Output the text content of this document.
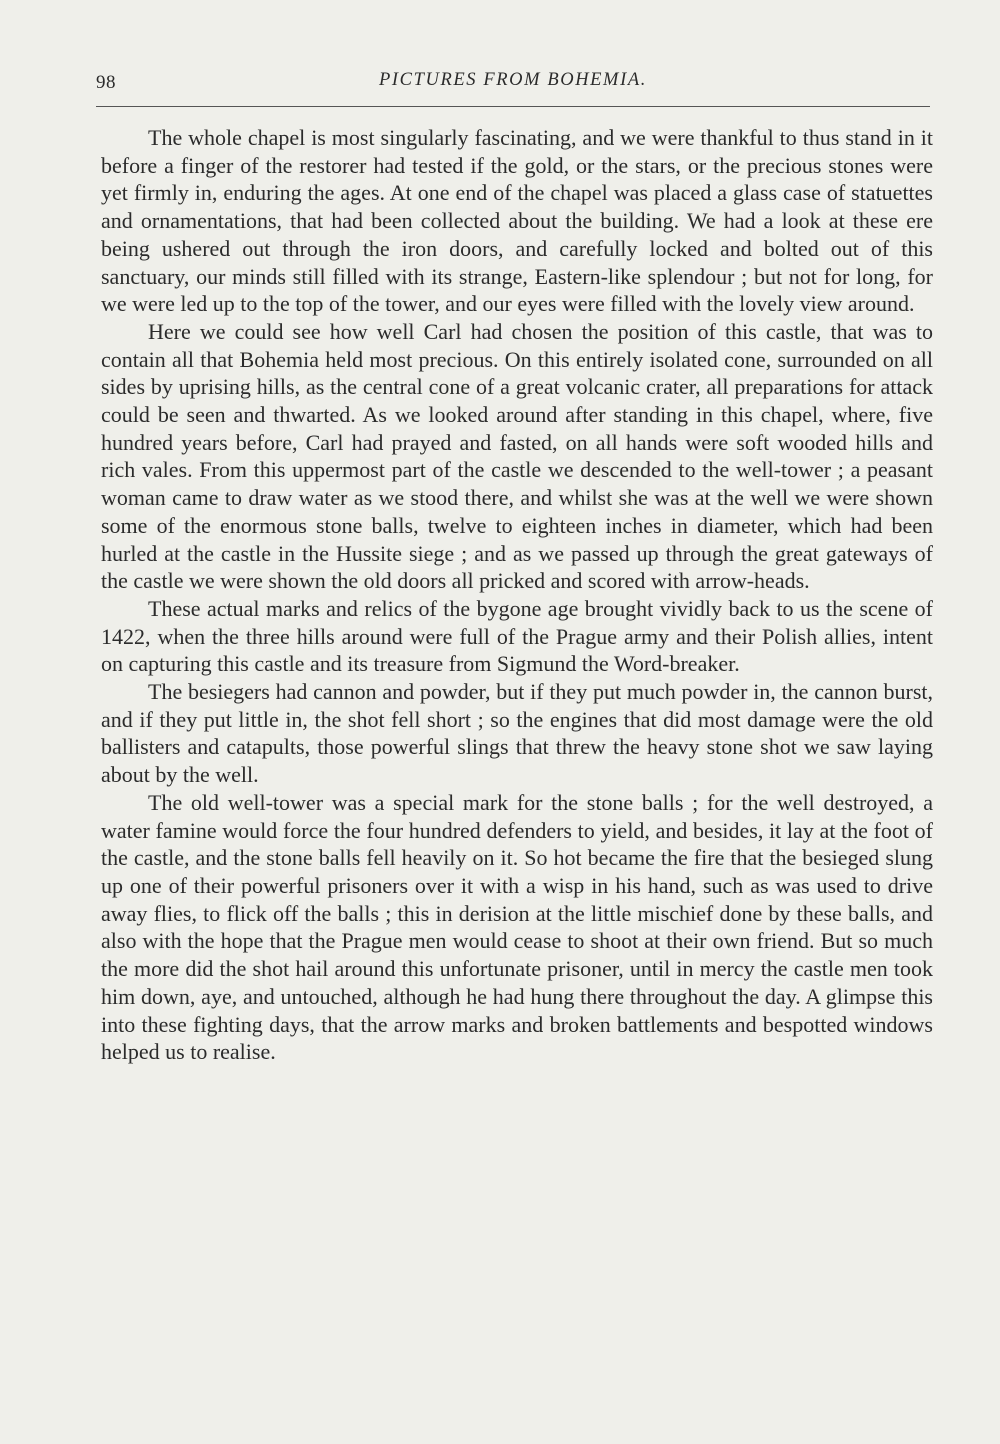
98	PICTURES FROM BOHEMIA.

The whole chapel is most singularly fascinating, and we were thankful to thus stand in it before a finger of the restorer had tested if the gold, or the stars, or the precious stones were yet firmly in, enduring the ages. At one end of the chapel was placed a glass case of statuettes and ornamentations, that had been collected about the building. We had a look at these ere being ushered out through the iron doors, and carefully locked and bolted out of this sanctuary, our minds still filled with its strange, Eastern-like splendour ; but not for long, for we were led up to the top of the tower, and our eyes were filled with the lovely view around.

Here we could see how well Carl had chosen the position of this castle, that was to contain all that Bohemia held most precious. On this entirely isolated cone, surrounded on all sides by uprising hills, as the central cone of a great volcanic crater, all preparations for attack could be seen and thwarted. As we looked around after standing in this chapel, where, five hundred years before, Carl had prayed and fasted, on all hands were soft wooded hills and rich vales. From this uppermost part of the castle we descended to the well-tower ; a peasant woman came to draw water as we stood there, and whilst she was at the well we were shown some of the enormous stone balls, twelve to eighteen inches in diameter, which had been hurled at the castle in the Hussite siege ; and as we passed up through the great gateways of the castle we were shown the old doors all pricked and scored with arrow-heads.

These actual marks and relics of the bygone age brought vividly back to us the scene of 1422, when the three hills around were full of the Prague army and their Polish allies, intent on capturing this castle and its treasure from Sigmund the Word-breaker.

The besiegers had cannon and powder, but if they put much powder in, the cannon burst, and if they put little in, the shot fell short ; so the engines that did most damage were the old ballisters and catapults, those powerful slings that threw the heavy stone shot we saw laying about by the well.

The old well-tower was a special mark for the stone balls ; for the well destroyed, a water famine would force the four hundred defenders to yield, and besides, it lay at the foot of the castle, and the stone balls fell heavily on it. So hot became the fire that the besieged slung up one of their powerful prisoners over it with a wisp in his hand, such as was used to drive away flies, to flick off the balls ; this in derision at the little mischief done by these balls, and also with the hope that the Prague men would cease to shoot at their own friend. But so much the more did the shot hail around this unfortunate prisoner, until in mercy the castle men took him down, aye, and untouched, although he had hung there throughout the day. A glimpse this into these fighting days, that the arrow marks and broken battlements and bespotted windows helped us to realise.
